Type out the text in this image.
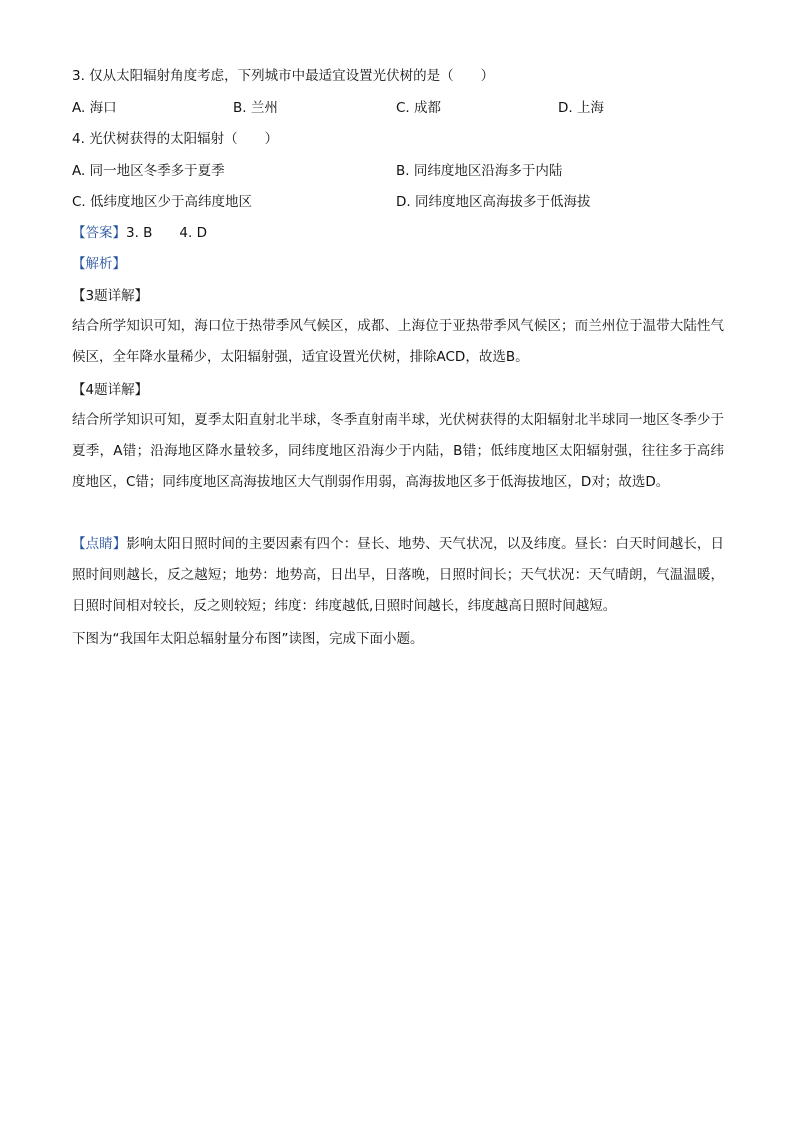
3. 仅从太阳辐射角度考虑，下列城市中最适宜设置光伏树的是（　　）
A. 海口	B. 兰州	C. 成都	D. 上海
4. 光伏树获得的太阳辐射（　　）
A. 同一地区冬季多于夏季	B. 同纬度地区沿海多于内陆
C. 低纬度地区少于高纬度地区	D. 同纬度地区高海拔多于低海拔
【答案】3. B　　4. D
【解析】
【3题详解】
结合所学知识可知，海口位于热带季风气候区，成都、上海位于亚热带季风气候区；而兰州位于温带大陆性气候区，全年降水量稀少，太阳辐射强，适宜设置光伏树，排除ACD，故选B。
【4题详解】
结合所学知识可知，夏季太阳直射北半球，冬季直射南半球，光伏树获得的太阳辐射北半球同一地区冬季少于夏季，A错；沿海地区降水量较多，同纬度地区沿海少于内陆，B错；低纬度地区太阳辐射强，往往多于高纬度地区，C错；同纬度地区高海拔地区大气削弱作用弱，高海拔地区多于低海拔地区，D对；故选D。
【点睛】影响太阳日照时间的主要因素有四个：昼长、地势、天气状况，以及纬度。昼长：白天时间越长，日照时间则越长，反之越短；地势：地势高，日出早，日落晚，日照时间长；天气状况：天气晴朗，气温温暖，日照时间相对较长，反之则较短；纬度：纬度越低,日照时间越长，纬度越高日照时间越短。
下图为“我国年太阳总辐射量分布图”读图，完成下面小题。
